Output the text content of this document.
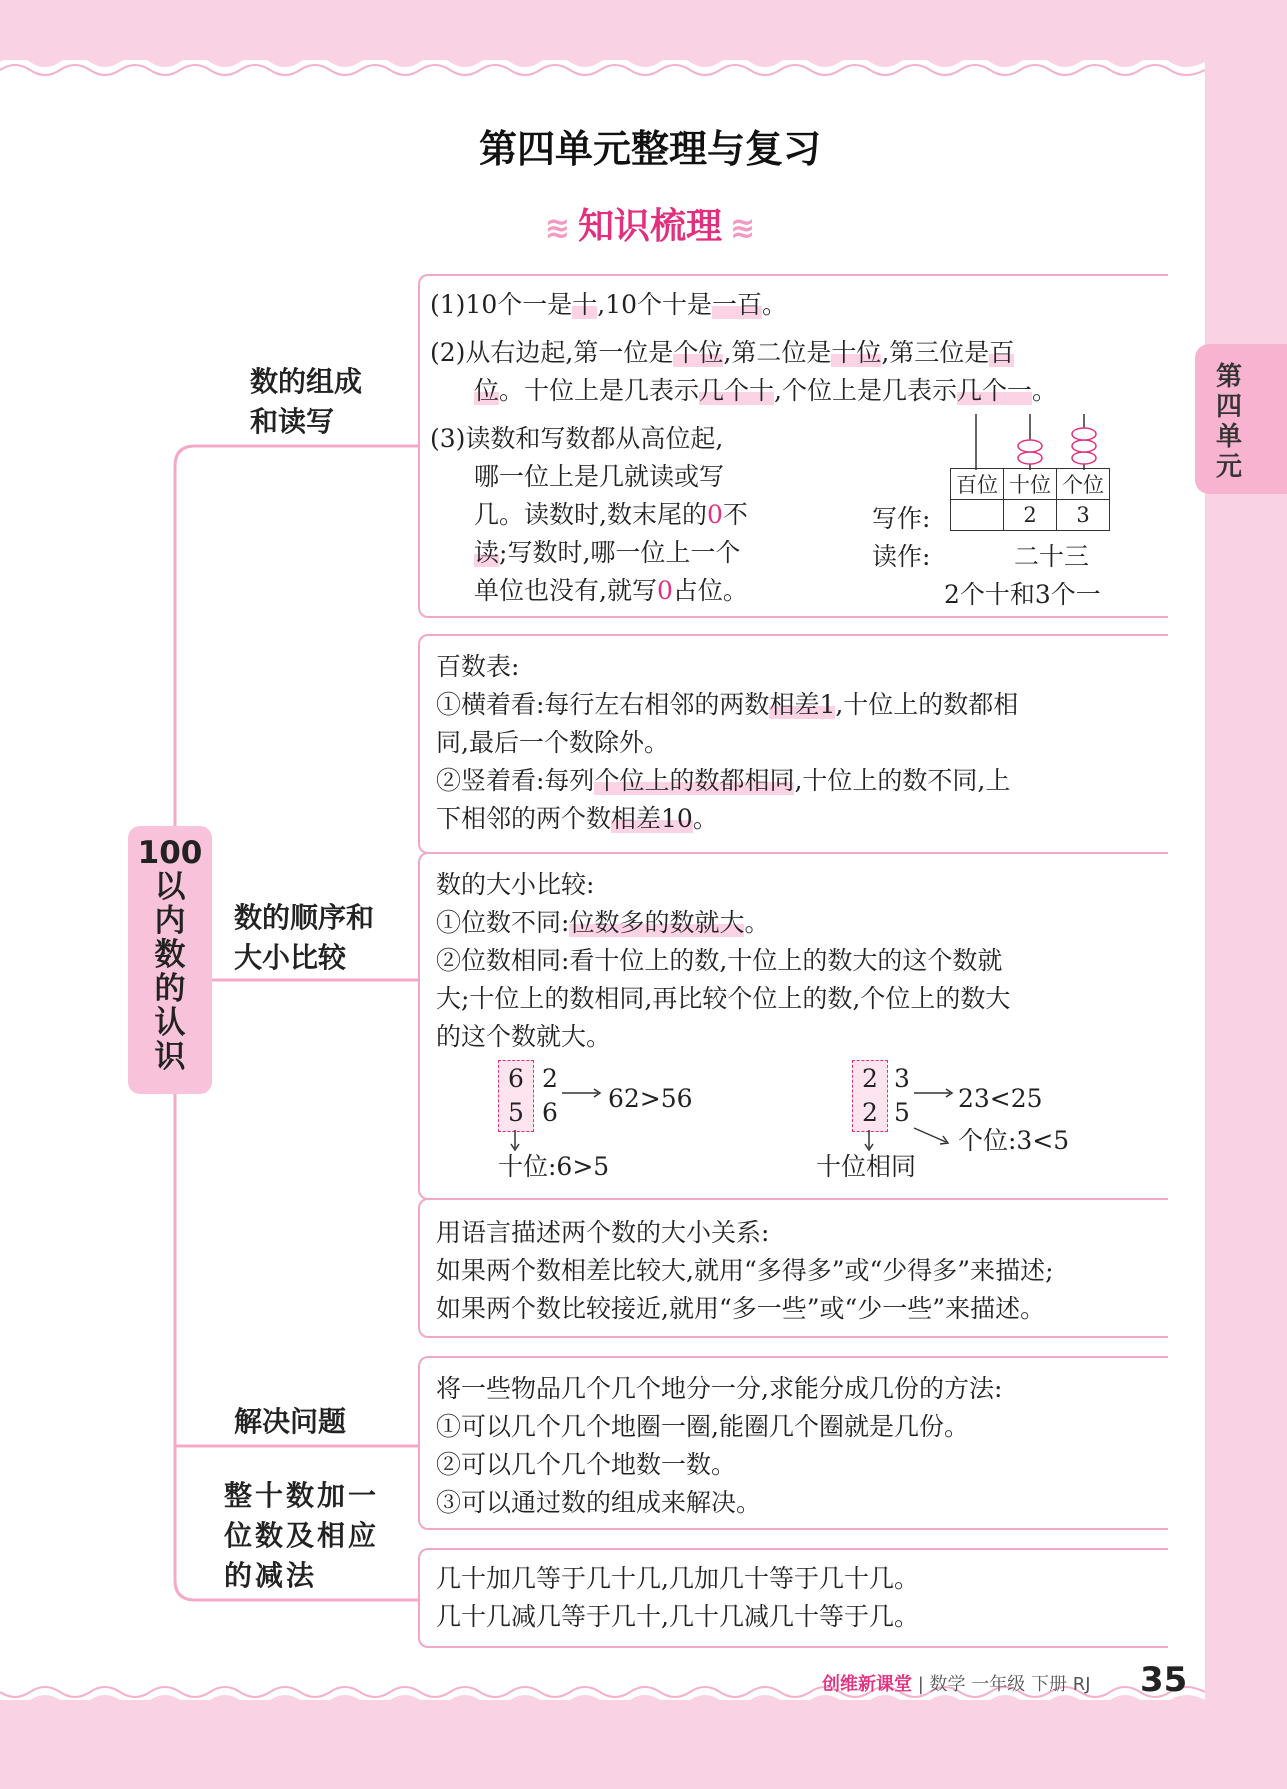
第四单元整理与复习
≋ 知识梳理 ≋
第
四
单
元
100
以
内
数
的
认
识
数的组成
和读写
数的顺序和
大小比较
解决问题
整十数加一
位数及相应
的减法
(1)10个一是十,10个十是一百。
(2)从右边起,第一位是个位,第二位是十位,第三位是百
位。十位上是几表示几个十,个位上是几表示几个一。
(3)读数和写数都从高位起,
哪一位上是几就读或写
几。读数时,数末尾的0不
读;写数时,哪一位上一个
单位也没有,就写0占位。
百位	十位	个位
	2	3
写作:
读作:	二十三
2个十和3个一
百数表:
①横着看:每行左右相邻的两数相差1,十位上的数都相
同,最后一个数除外。
②竖着看:每列个位上的数都相同,十位上的数不同,上
下相邻的两个数相差10。
数的大小比较:
①位数不同:位数多的数就大。
②位数相同:看十位上的数,十位上的数大的这个数就
大;十位上的数相同,再比较个位上的数,个位上的数大
的这个数就大。
6 2
5 6 62>56
十位:6>5
2 3
2 5 23<25
个位:3<5
十位相同
用语言描述两个数的大小关系:
如果两个数相差比较大,就用“多得多”或“少得多”来描述;
如果两个数比较接近,就用“多一些”或“少一些”来描述。
将一些物品几个几个地分一分,求能分成几份的方法:
①可以几个几个地圈一圈,能圈几个圈就是几份。
②可以几个几个地数一数。
③可以通过数的组成来解决。
几十加几等于几十几,几加几十等于几十几。
几十几减几等于几十,几十几减几十等于几。
创维新课堂 | 数学 一年级 下册 RJ 35
